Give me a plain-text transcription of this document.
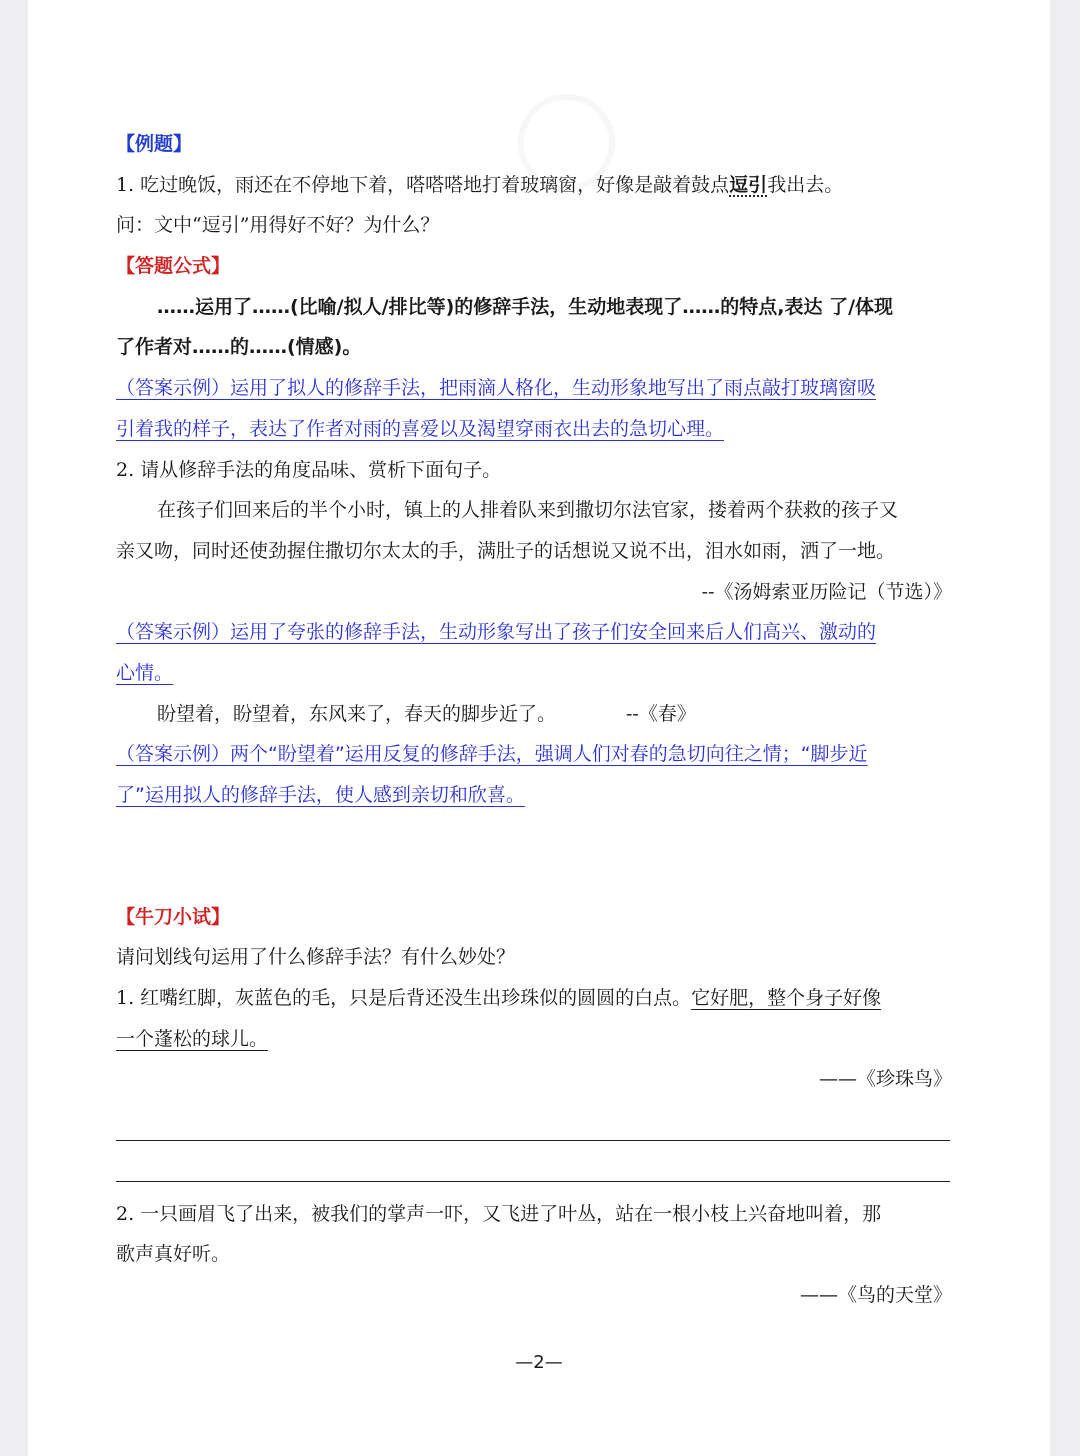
◯
【例题】
1. 吃过晚饭，雨还在不停地下着，嗒嗒嗒地打着玻璃窗，好像是敲着鼓点逗引我出去。
问：文中“逗引”用得好不好？为什么？
【答题公式】
……运用了……(比喻/拟人/排比等)的修辞手法，生动地表现了……的特点,表达 了/体现
了作者对……的……(情感)。
（答案示例）运用了拟人的修辞手法，把雨滴人格化，生动形象地写出了雨点敲打玻璃窗吸
引着我的样子，表达了作者对雨的喜爱以及渴望穿雨衣出去的急切心理。
2. 请从修辞手法的角度品味、赏析下面句子。
在孩子们回来后的半个小时，镇上的人排着队来到撒切尔法官家，搂着两个获救的孩子又
亲又吻，同时还使劲握住撒切尔太太的手，满肚子的话想说又说不出，泪水如雨，洒了一地。
--《汤姆索亚历险记（节选）》
（答案示例）运用了夸张的修辞手法，生动形象写出了孩子们安全回来后人们高兴、激动的
心情。
盼望着，盼望着，东风来了，春天的脚步近了。	--《春》
（答案示例）两个“盼望着”运用反复的修辞手法，强调人们对春的急切向往之情；“脚步近
了”运用拟人的修辞手法，使人感到亲切和欣喜。
【牛刀小试】
请问划线句运用了什么修辞手法？有什么妙处？
1. 红嘴红脚，灰蓝色的毛，只是后背还没生出珍珠似的圆圆的白点。它好肥，整个身子好像
一个蓬松的球儿。
——《珍珠鸟》
2. 一只画眉飞了出来，被我们的掌声一吓，又飞进了叶丛，站在一根小枝上兴奋地叫着，那
歌声真好听。
——《鸟的天堂》
—2—
